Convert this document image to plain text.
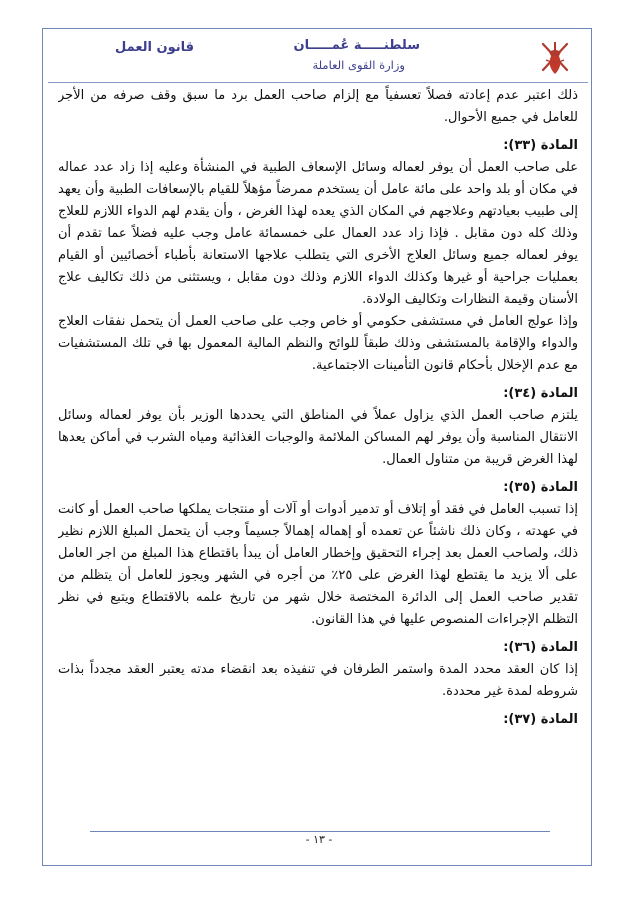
سلطنـــــة عُمـــــان
وزارة القوى العاملة
قانون العمل

ذلك اعتبر عدم إعادته فصلاً تعسفياً مع إلزام صاحب العمل برد ما سبق وقف صرفه من الأجر للعامل في جميع الأحوال.

المادة (٣٣):

على صاحب العمل أن يوفر لعماله وسائل الإسعاف الطبية في المنشأة وعليه إذا زاد عدد عماله في مكان أو بلد واحد على مائة عامل أن يستخدم ممرضاً مؤهلاً للقيام بالإسعافات الطبية وأن يعهد إلى طبيب بعيادتهم وعلاجهم في المكان الذي يعده لهذا الغرض ، وأن يقدم لهم الدواء اللازم للعلاج وذلك كله دون مقابل . فإذا زاد عدد العمال على خمسمائة عامل وجب عليه فضلاً عما تقدم أن يوفر لعماله جميع وسائل العلاج الأخرى التي يتطلب علاجها الاستعانة بأطباء أخصائيين أو القيام بعمليات جراحية أو غيرها وكذلك الدواء اللازم وذلك دون مقابل ، ويستثنى من ذلك تكاليف علاج الأسنان وقيمة النظارات وتكاليف الولادة.

وإذا عولج العامل في مستشفى حكومي أو خاص وجب على صاحب العمل أن يتحمل نفقات العلاج والدواء والإقامة بالمستشفى وذلك طبقاً للوائح والنظم المالية المعمول بها في تلك المستشفيات مع عدم الإخلال بأحكام قانون التأمينات الاجتماعية.

المادة (٣٤):

يلتزم صاحب العمل الذي يزاول عملاً في المناطق التي يحددها الوزير بأن يوفر لعماله وسائل الانتقال المناسبة وأن يوفر لهم المساكن الملائمة والوجبات الغذائية ومياه الشرب في أماكن يعدها لهذا الغرض قريبة من متناول العمال.

المادة (٣٥):

إذا تسبب العامل في فقد أو إتلاف أو تدمير أدوات أو آلات أو منتجات يملكها صاحب العمل أو كانت في عهدته ، وكان ذلك ناشئاً عن تعمده أو إهماله إهمالاً جسيماً وجب أن يتحمل المبلغ اللازم نظير ذلك، ولصاحب العمل بعد إجراء التحقيق وإخطار العامل أن يبدأ باقتطاع هذا المبلغ من اجر العامل على ألا يزيد ما يقتطع لهذا الغرض على ٢٥٪ من أجره في الشهر ويجوز للعامل أن يتظلم من تقدير صاحب العمل إلى الدائرة المختصة خلال شهر من تاريخ علمه بالاقتطاع ويتبع في نظر التظلم الإجراءات المنصوص عليها في هذا القانون.

المادة (٣٦):

إذا كان العقد محدد المدة واستمر الطرفان في تنفيذه بعد انقضاء مدته يعتبر العقد مجدداً بذات شروطه لمدة غير محددة.

المادة (٣٧):

- ١٣ -
